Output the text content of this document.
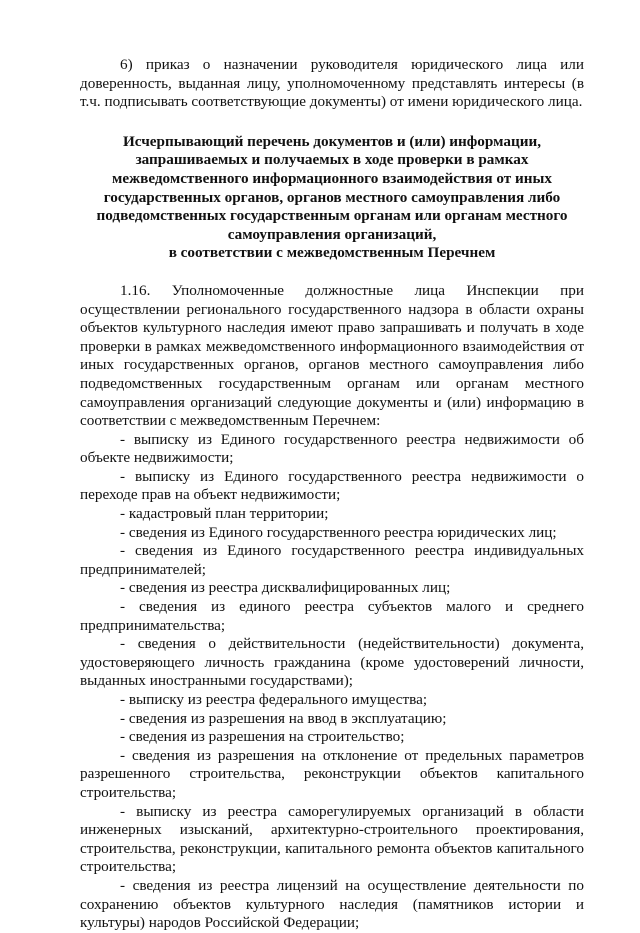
6) приказ о назначении руководителя юридического лица или доверенность, выданная лицу, уполномоченному представлять интересы (в т.ч. подписывать соответствующие документы) от имени юридического лица.

Исчерпывающий перечень документов и (или) информации,
запрашиваемых и получаемых в ходе проверки в рамках
межведомственного информационного взаимодействия от иных
государственных органов, органов местного самоуправления либо
подведомственных государственным органам или органам местного
самоуправления организаций,
в соответствии с межведомственным Перечнем

1.16. Уполномоченные должностные лица Инспекции при осуществлении регионального государственного надзора в области охраны объектов культурного наследия имеют право запрашивать и получать в ходе проверки в рамках межведомственного информационного взаимодействия от иных государственных органов, органов местного самоуправления либо подведомственных государственным органам или органам местного самоуправления организаций следующие документы и (или) информацию в соответствии с межведомственным Перечнем:

- выписку из Единого государственного реестра недвижимости об объекте недвижимости;

- выписку из Единого государственного реестра недвижимости о переходе прав на объект недвижимости;

- кадастровый план территории;

- сведения из Единого государственного реестра юридических лиц;

- сведения из Единого государственного реестра индивидуальных предпринимателей;

- сведения из реестра дисквалифицированных лиц;

- сведения из единого реестра субъектов малого и среднего предпринимательства;

- сведения о действительности (недействительности) документа, удостоверяющего личность гражданина (кроме удостоверений личности, выданных иностранными государствами);

- выписку из реестра федерального имущества;

- сведения из разрешения на ввод в эксплуатацию;

- сведения из разрешения на строительство;

- сведения из разрешения на отклонение от предельных параметров разрешенного строительства, реконструкции объектов капитального строительства;

- выписку из реестра саморегулируемых организаций в области инженерных изысканий, архитектурно-строительного проектирования, строительства, реконструкции, капитального ремонта объектов капитального строительства;

- сведения из реестра лицензий на осуществление деятельности по сохранению объектов культурного наследия (памятников истории и культуры) народов Российской Федерации;
